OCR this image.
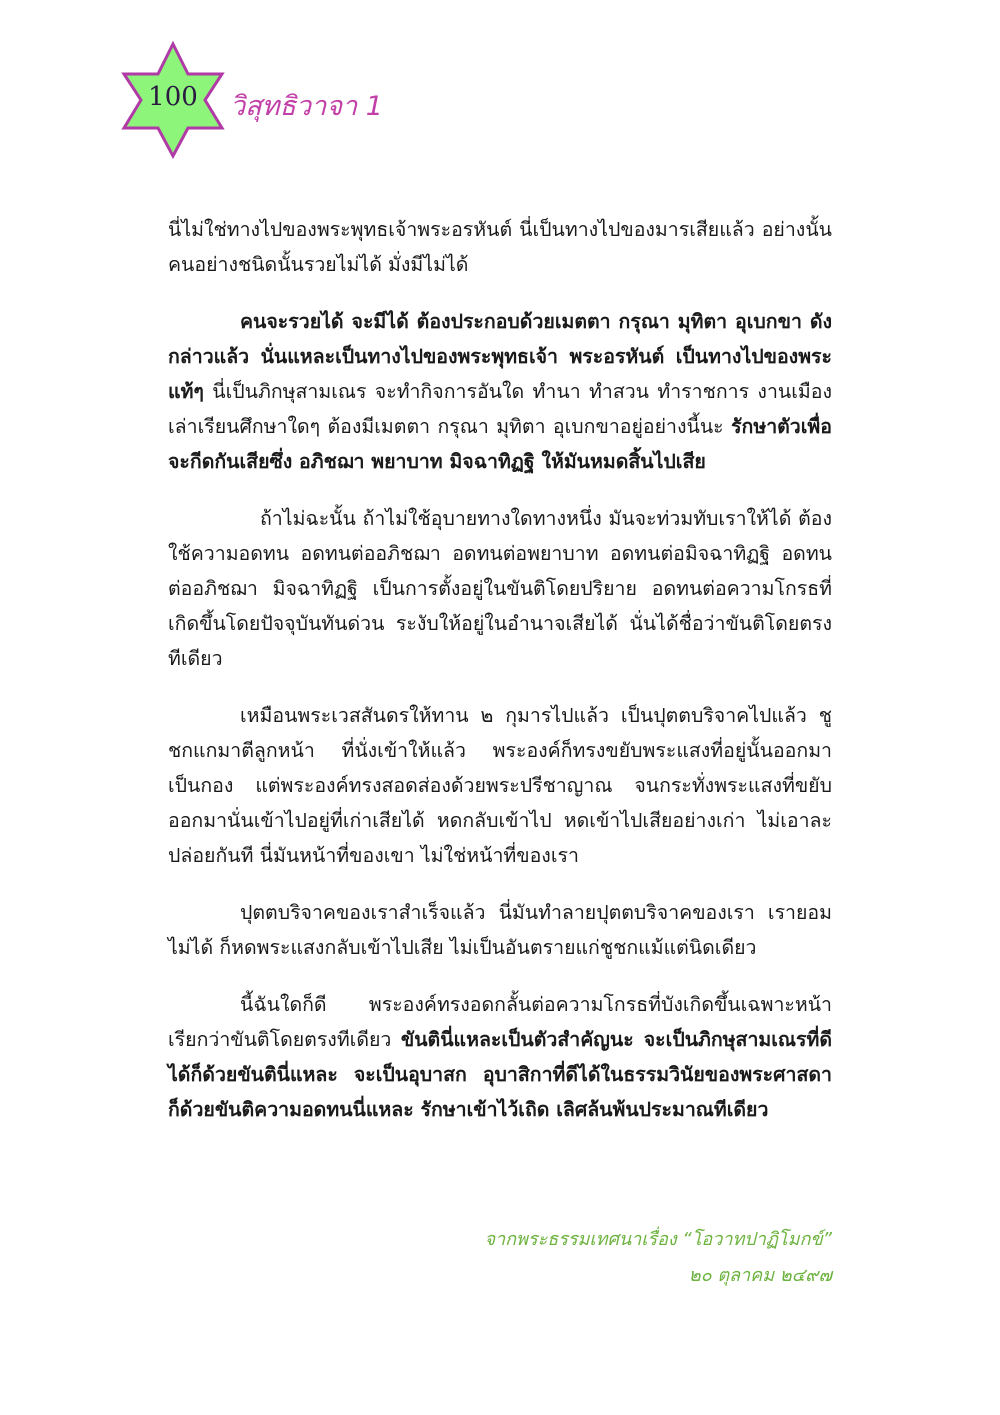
100	วิสุทธิวาจา 1

นี่ไม่ใช่ทางไปของพระพุทธเจ้าพระอรหันต์ นี่เป็นทางไปของมารเสียแล้ว อย่างนั้น คนอย่างชนิดนั้นรวยไม่ได้ มั่งมีไม่ได้

คนจะรวยได้ จะมีได้ ต้องประกอบด้วยเมตตา กรุณา มุทิตา อุเบกขา ดังกล่าวแล้ว นั่นแหละเป็นทางไปของพระพุทธเจ้า พระอรหันต์ เป็นทางไปของพระแท้ๆ นี่เป็นภิกษุสามเณร จะทำกิจการอันใด ทำนา ทำสวน ทำราชการ งานเมือง เล่าเรียนศึกษาใดๆ ต้องมีเมตตา กรุณา มุทิตา อุเบกขาอยู่อย่างนี้นะ รักษาตัวเพื่อจะกีดกันเสียซึ่ง อภิชฌา พยาบาท มิจฉาทิฏฐิ ให้มันหมดสิ้นไปเสีย

ถ้าไม่ฉะนั้น ถ้าไม่ใช้อุบายทางใดทางหนึ่ง มันจะท่วมทับเราให้ได้ ต้องใช้ความอดทน อดทนต่ออภิชฌา อดทนต่อพยาบาท อดทนต่อมิจฉาทิฏฐิ อดทนต่ออภิชฌา มิจฉาทิฏฐิ เป็นการตั้งอยู่ในขันติโดยปริยาย อดทนต่อความโกรธที่เกิดขึ้นโดยปัจจุบันทันด่วน ระงับให้อยู่ในอำนาจเสียได้ นั่นได้ชื่อว่าขันติโดยตรงทีเดียว

เหมือนพระเวสสันดรให้ทาน ๒ กุมารไปแล้ว เป็นปุตตบริจาคไปแล้ว ชูชกแกมาตีลูกหน้า ที่นั่งเข้าให้แล้ว พระองค์ก็ทรงขยับพระแสงที่อยู่นั้นออกมาเป็นกอง แต่พระองค์ทรงสอดส่องด้วยพระปรีชาญาณ จนกระทั่งพระแสงที่ขยับออกมานั่นเข้าไปอยู่ที่เก่าเสียได้ หดกลับเข้าไป หดเข้าไปเสียอย่างเก่า ไม่เอาละ ปล่อยกันที นี่มันหน้าที่ของเขา ไม่ใช่หน้าที่ของเรา

ปุตตบริจาคของเราสำเร็จแล้ว นี่มันทำลายปุตตบริจาคของเรา เรายอมไม่ได้ ก็หดพระแสงกลับเข้าไปเสีย ไม่เป็นอันตรายแก่ชูชกแม้แต่นิดเดียว

นี้ฉันใดก็ดี พระองค์ทรงอดกลั้นต่อความโกรธที่บังเกิดขึ้นเฉพาะหน้า เรียกว่าขันติโดยตรงทีเดียว ขันตินี่แหละเป็นตัวสำคัญนะ จะเป็นภิกษุสามเณรที่ดีได้ก็ด้วยขันตินี่แหละ จะเป็นอุบาสก อุบาสิกาที่ดีได้ในธรรมวินัยของพระศาสดา ก็ด้วยขันติความอดทนนี่แหละ รักษาเข้าไว้เถิด เลิศล้นพ้นประมาณทีเดียว

จากพระธรรมเทศนาเรื่อง “โอวาทปาฏิโมกข์”
๒๐ ตุลาคม ๒๔๙๗
